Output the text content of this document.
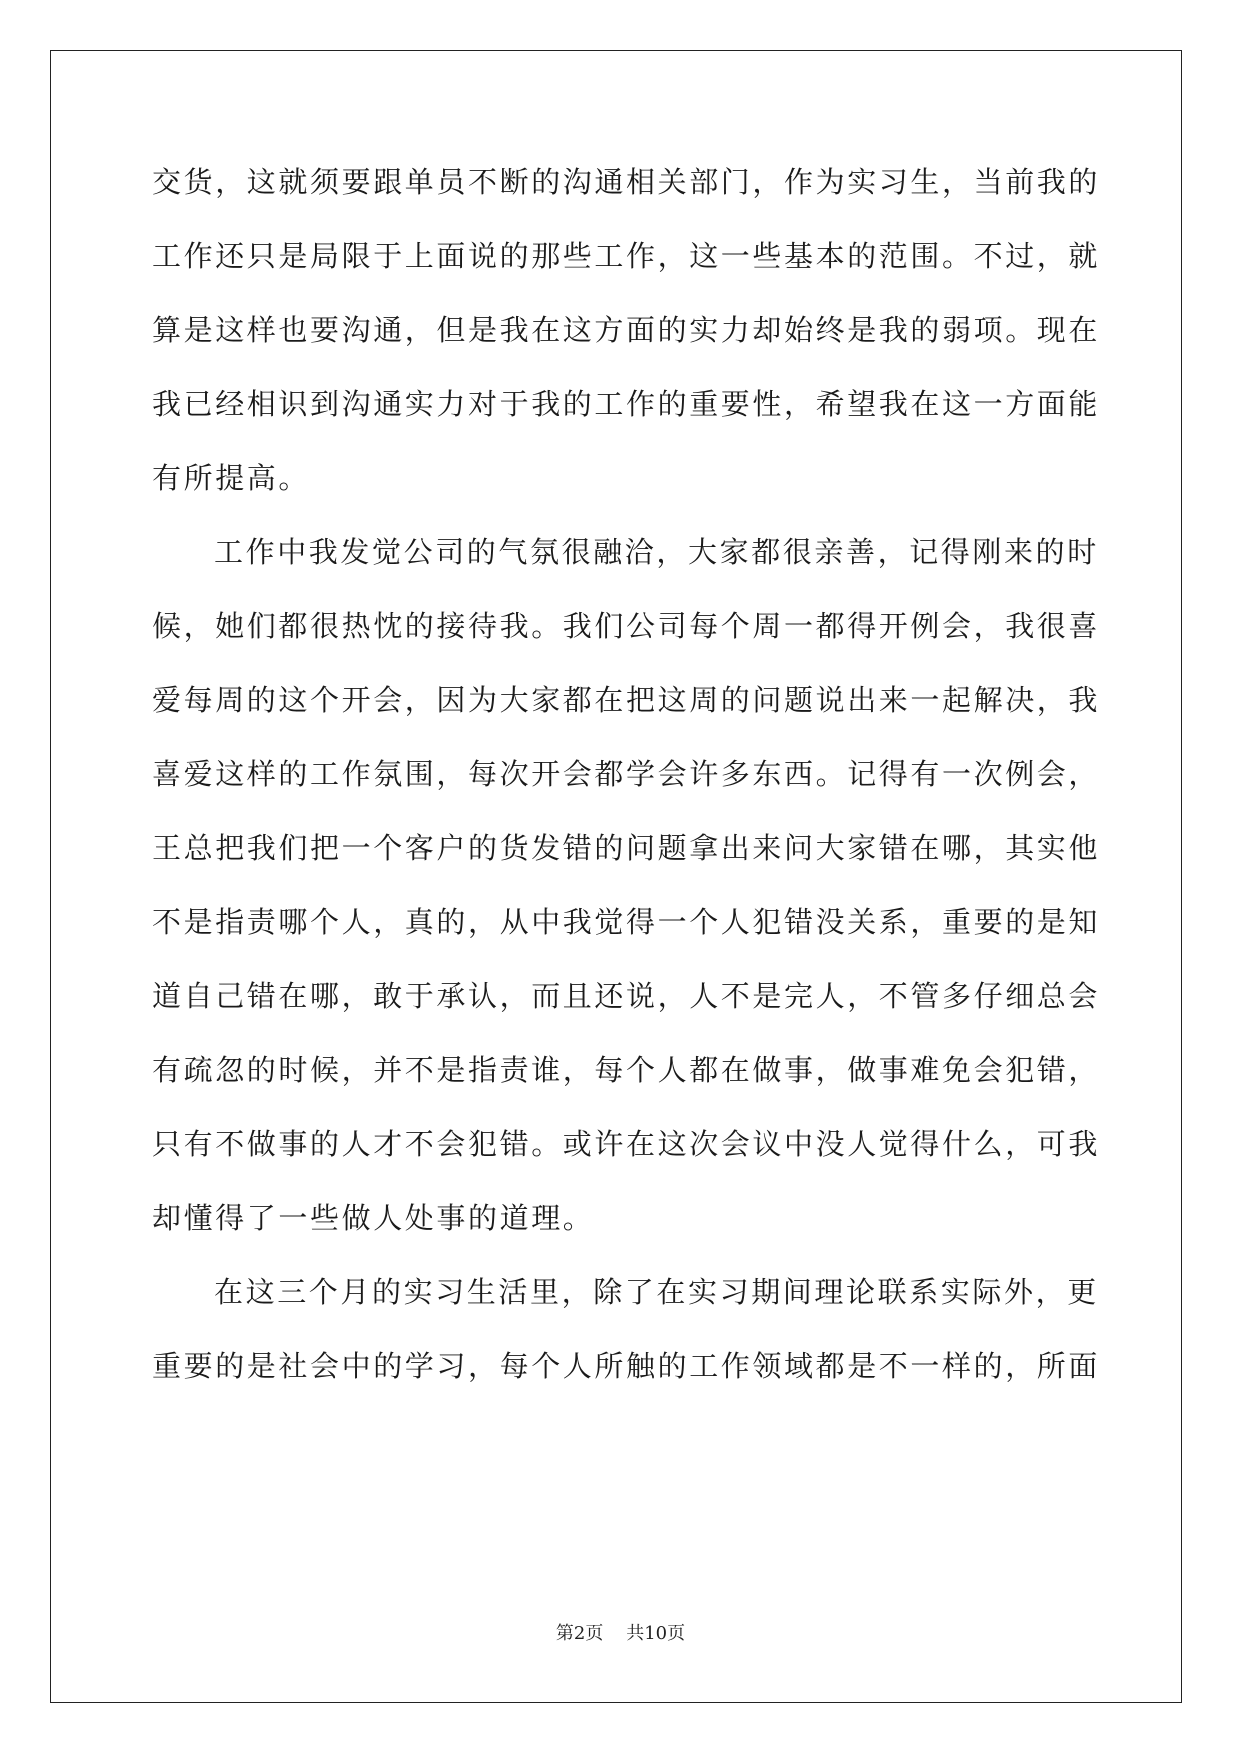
交货，这就须要跟单员不断的沟通相关部门，作为实习生，当前我的
工作还只是局限于上面说的那些工作，这一些基本的范围。不过，就
算是这样也要沟通，但是我在这方面的实力却始终是我的弱项。现在
我已经相识到沟通实力对于我的工作的重要性，希望我在这一方面能
有所提高。
工作中我发觉公司的气氛很融洽，大家都很亲善，记得刚来的时
候，她们都很热忱的接待我。我们公司每个周一都得开例会，我很喜
爱每周的这个开会，因为大家都在把这周的问题说出来一起解决，我
喜爱这样的工作氛围，每次开会都学会许多东西。记得有一次例会，
王总把我们把一个客户的货发错的问题拿出来问大家错在哪，其实他
不是指责哪个人，真的，从中我觉得一个人犯错没关系，重要的是知
道自己错在哪，敢于承认，而且还说，人不是完人，不管多仔细总会
有疏忽的时候，并不是指责谁，每个人都在做事，做事难免会犯错，
只有不做事的人才不会犯错。或许在这次会议中没人觉得什么，可我
却懂得了一些做人处事的道理。
在这三个月的实习生活里，除了在实习期间理论联系实际外，更
重要的是社会中的学习，每个人所触的工作领域都是不一样的，所面
第2页 共10页
